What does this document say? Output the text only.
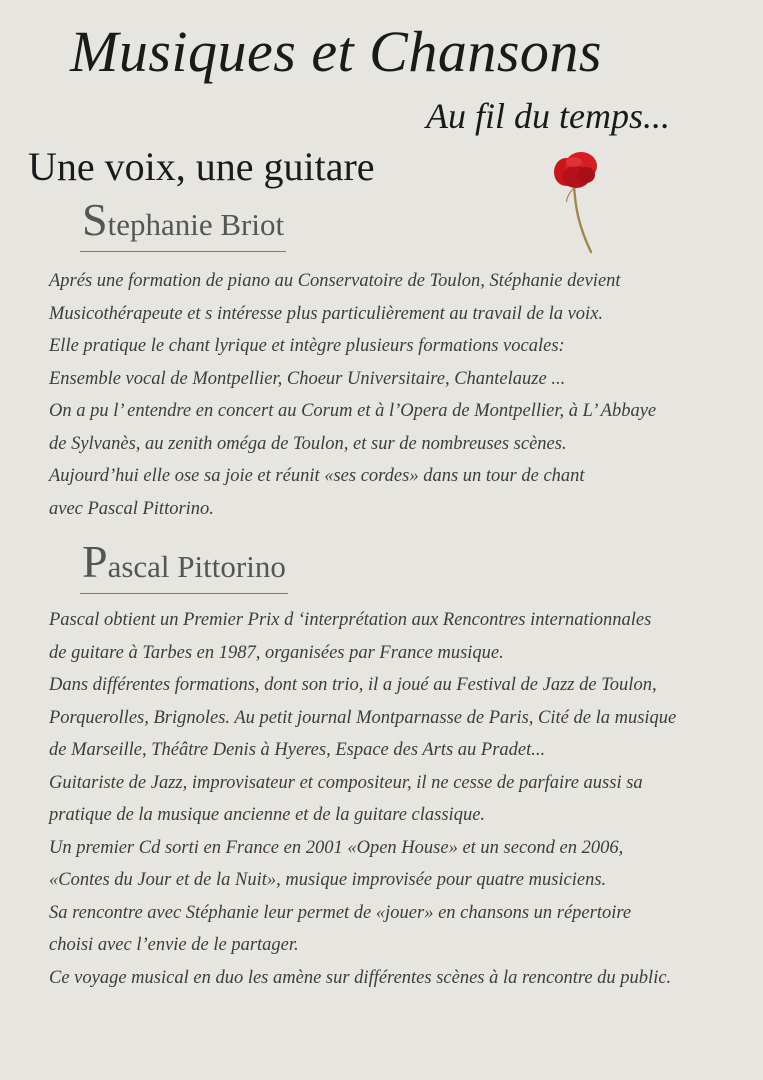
Musiques et Chansons
Au fil du temps...
Une voix, une guitare
Stephanie Briot
Aprés une formation de piano au Conservatoire de Toulon, Stéphanie devient
Musicothérapeute et s intéresse plus particulièrement au travail de la voix.
Elle pratique le chant lyrique et intègre plusieurs formations vocales:
Ensemble vocal de Montpellier, Choeur Universitaire, Chantelauze ...
On a pu l’ entendre en concert au Corum et à l’Opera de Montpellier, à L’ Abbaye
de Sylvanès, au zenith oméga de Toulon, et sur de nombreuses scènes.
Aujourd’hui elle ose sa joie et réunit «ses cordes» dans un tour de chant
avec Pascal Pittorino.
Pascal Pittorino
Pascal obtient un Premier Prix d ‘interprétation aux Rencontres internationnales
de guitare à Tarbes en 1987, organisées par France musique.
Dans différentes formations, dont son trio, il a joué au Festival de Jazz de Toulon,
Porquerolles, Brignoles. Au petit journal Montparnasse de Paris, Cité de la musique
de Marseille, Théâtre Denis à Hyeres, Espace des Arts au Pradet...
Guitariste de Jazz, improvisateur et compositeur, il ne cesse de parfaire aussi sa
pratique de la musique ancienne et de la guitare classique.
Un premier Cd sorti en France en 2001 «Open House» et un second en 2006,
«Contes du Jour et de la Nuit», musique improvisée pour quatre musiciens.
Sa rencontre avec Stéphanie leur permet de «jouer» en chansons un répertoire
choisi avec l’envie de le partager.
Ce voyage musical en duo les amène sur différentes scènes à la rencontre du public.
